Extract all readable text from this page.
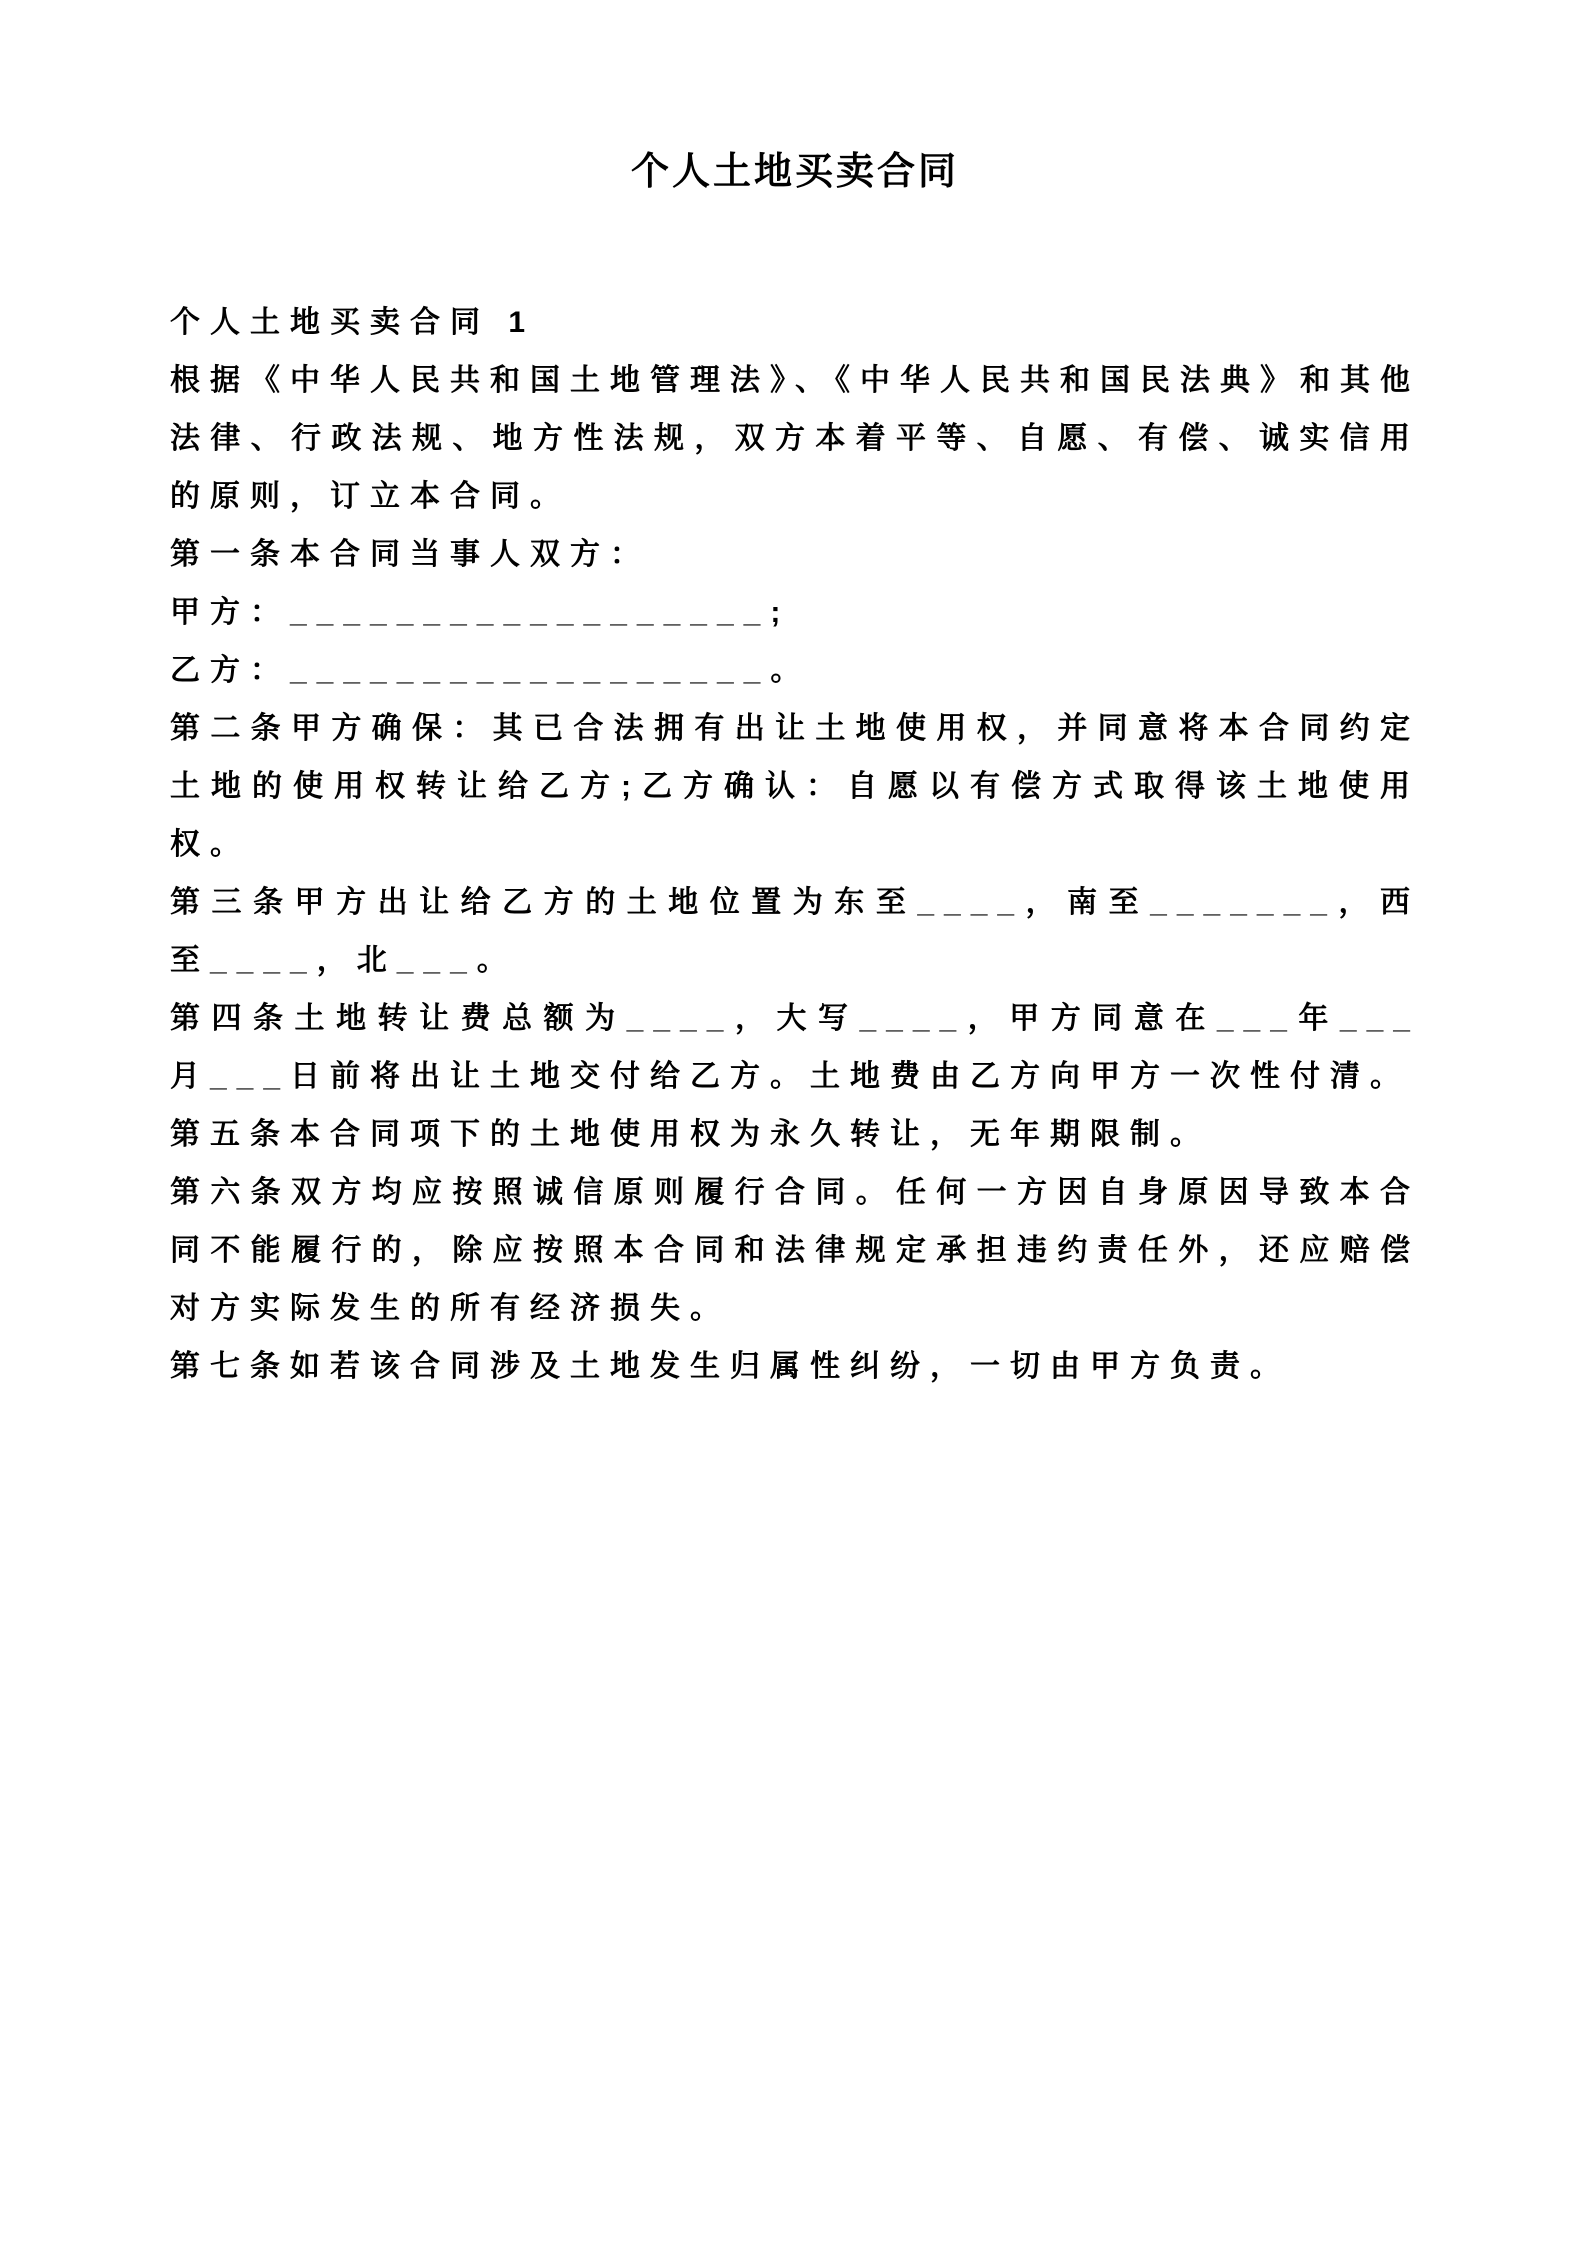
个人土地买卖合同

个人土地买卖合同 1

根据《中华人民共和国土地管理法》、《中华人民共和国民法典》和其他法律、行政法规、地方性法规，双方本着平等、自愿、有偿、诚实信用的原则，订立本合同。

第一条本合同当事人双方：

甲方：__________________;

乙方：__________________。

第二条甲方确保：其已合法拥有出让土地使用权，并同意将本合同约定土地的使用权转让给乙方;乙方确认：自愿以有偿方式取得该土地使用权。

第三条甲方出让给乙方的土地位置为东至____，南至_______，西至____，北___。

第四条土地转让费总额为____，大写____，甲方同意在___年___月___日前将出让土地交付给乙方。土地费由乙方向甲方一次性付清。

第五条本合同项下的土地使用权为永久转让，无年期限制。

第六条双方均应按照诚信原则履行合同。任何一方因自身原因导致本合同不能履行的，除应按照本合同和法律规定承担违约责任外，还应赔偿对方实际发生的所有经济损失。

第七条如若该合同涉及土地发生归属性纠纷，一切由甲方负责。
